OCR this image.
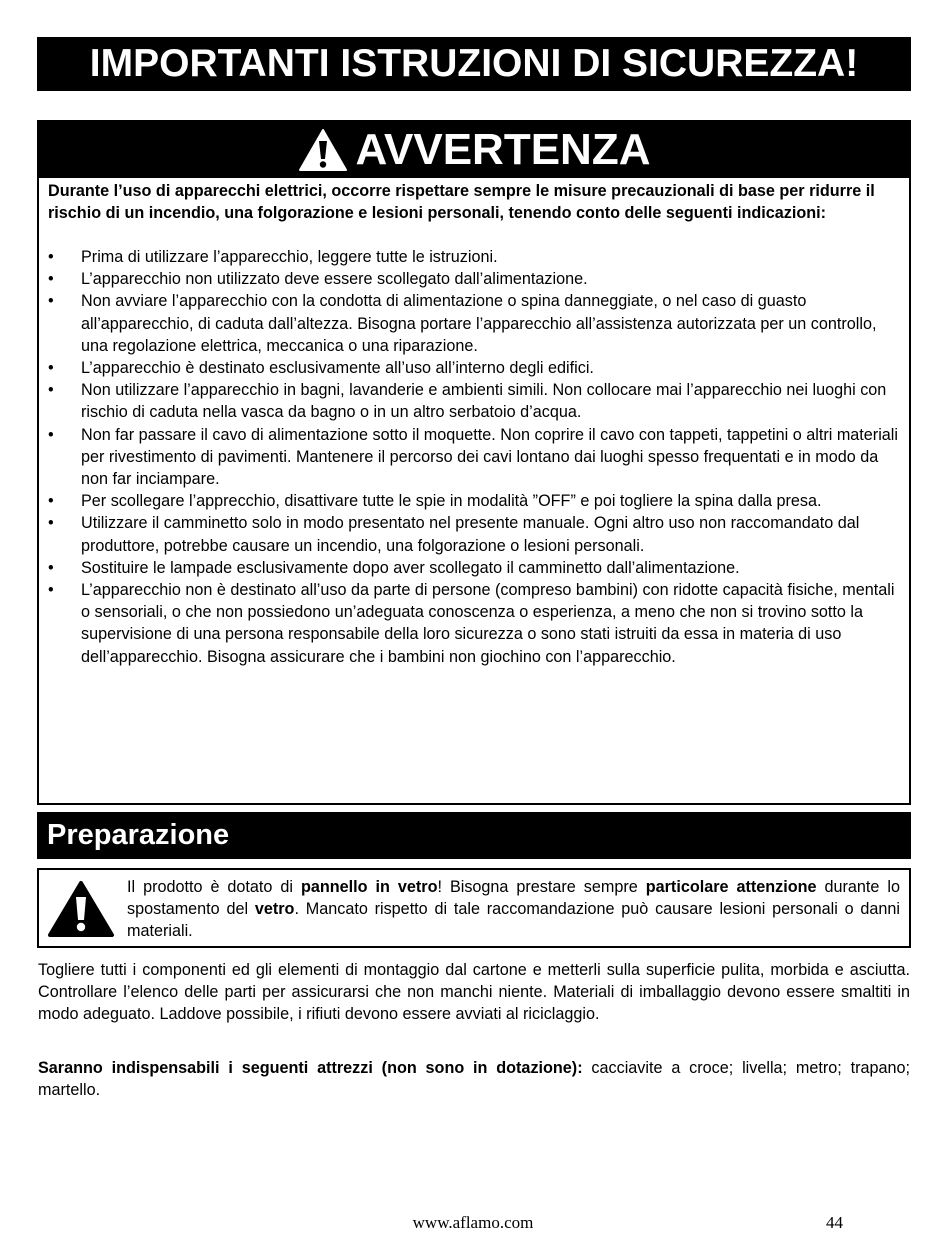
IMPORTANTI ISTRUZIONI DI SICUREZZA!
AVVERTENZA
Durante l’uso di apparecchi elettrici, occorre rispettare sempre le misure precauzionali di base per ridurre il rischio di un incendio, una folgorazione e lesioni personali, tenendo conto delle seguenti indicazioni:
• Prima di utilizzare l’apparecchio, leggere tutte le istruzioni.
• L’apparecchio non utilizzato deve essere scollegato dall’alimentazione.
• Non avviare l’apparecchio con la condotta di alimentazione o spina danneggiate, o nel caso di guasto all’apparecchio, di caduta dall’altezza. Bisogna portare l’apparecchio all’assistenza autorizzata per un controllo, una regolazione elettrica, meccanica o una riparazione.
• L’apparecchio è destinato esclusivamente all’uso all’interno degli edifici.
• Non utilizzare l’apparecchio in bagni, lavanderie e ambienti simili. Non collocare mai l’apparecchio nei luoghi con rischio di caduta nella vasca da bagno o in un altro serbatoio d’acqua.
• Non far passare il cavo di alimentazione sotto il moquette. Non coprire il cavo con tappeti, tappetini o altri materiali per rivestimento di pavimenti. Mantenere il percorso dei cavi lontano dai luoghi spesso frequentati e in modo da non far inciampare.
• Per scollegare l’apprecchio, disattivare tutte le spie in modalità ”OFF” e poi togliere la spina dalla presa.
• Utilizzare il camminetto solo in modo presentato nel presente manuale. Ogni altro uso non raccomandato dal produttore, potrebbe causare un incendio, una folgorazione o lesioni personali.
• Sostituire le lampade esclusivamente dopo aver scollegato il camminetto dall’alimentazione.
• L’apparecchio non è destinato all’uso da parte di persone (compreso bambini) con ridotte capacità fisiche, mentali o sensoriali, o che non possiedono un’adeguata conoscenza o esperienza, a meno che non si trovino sotto la supervisione di una persona responsabile della loro sicurezza o sono stati istruiti da essa in materia di uso dell’apparecchio. Bisogna assicurare che i bambini non giochino con l’apparecchio.
Preparazione
Il prodotto è dotato di pannello in vetro! Bisogna prestare sempre particolare attenzione durante lo spostamento del vetro. Mancato rispetto di tale raccomandazione può causare lesioni personali o danni materiali.
Togliere tutti i componenti ed gli elementi di montaggio dal cartone e metterli sulla superficie pulita, morbida e asciutta. Controllare l’elenco delle parti per assicurarsi che non manchi niente. Materiali di imballaggio devono essere smaltiti in modo adeguato. Laddove possibile, i rifiuti devono essere avviati al riciclaggio.
Saranno indispensabili i seguenti attrezzi (non sono in dotazione): cacciavite a croce; livella; metro; trapano; martello.
www.aflamo.com	44
